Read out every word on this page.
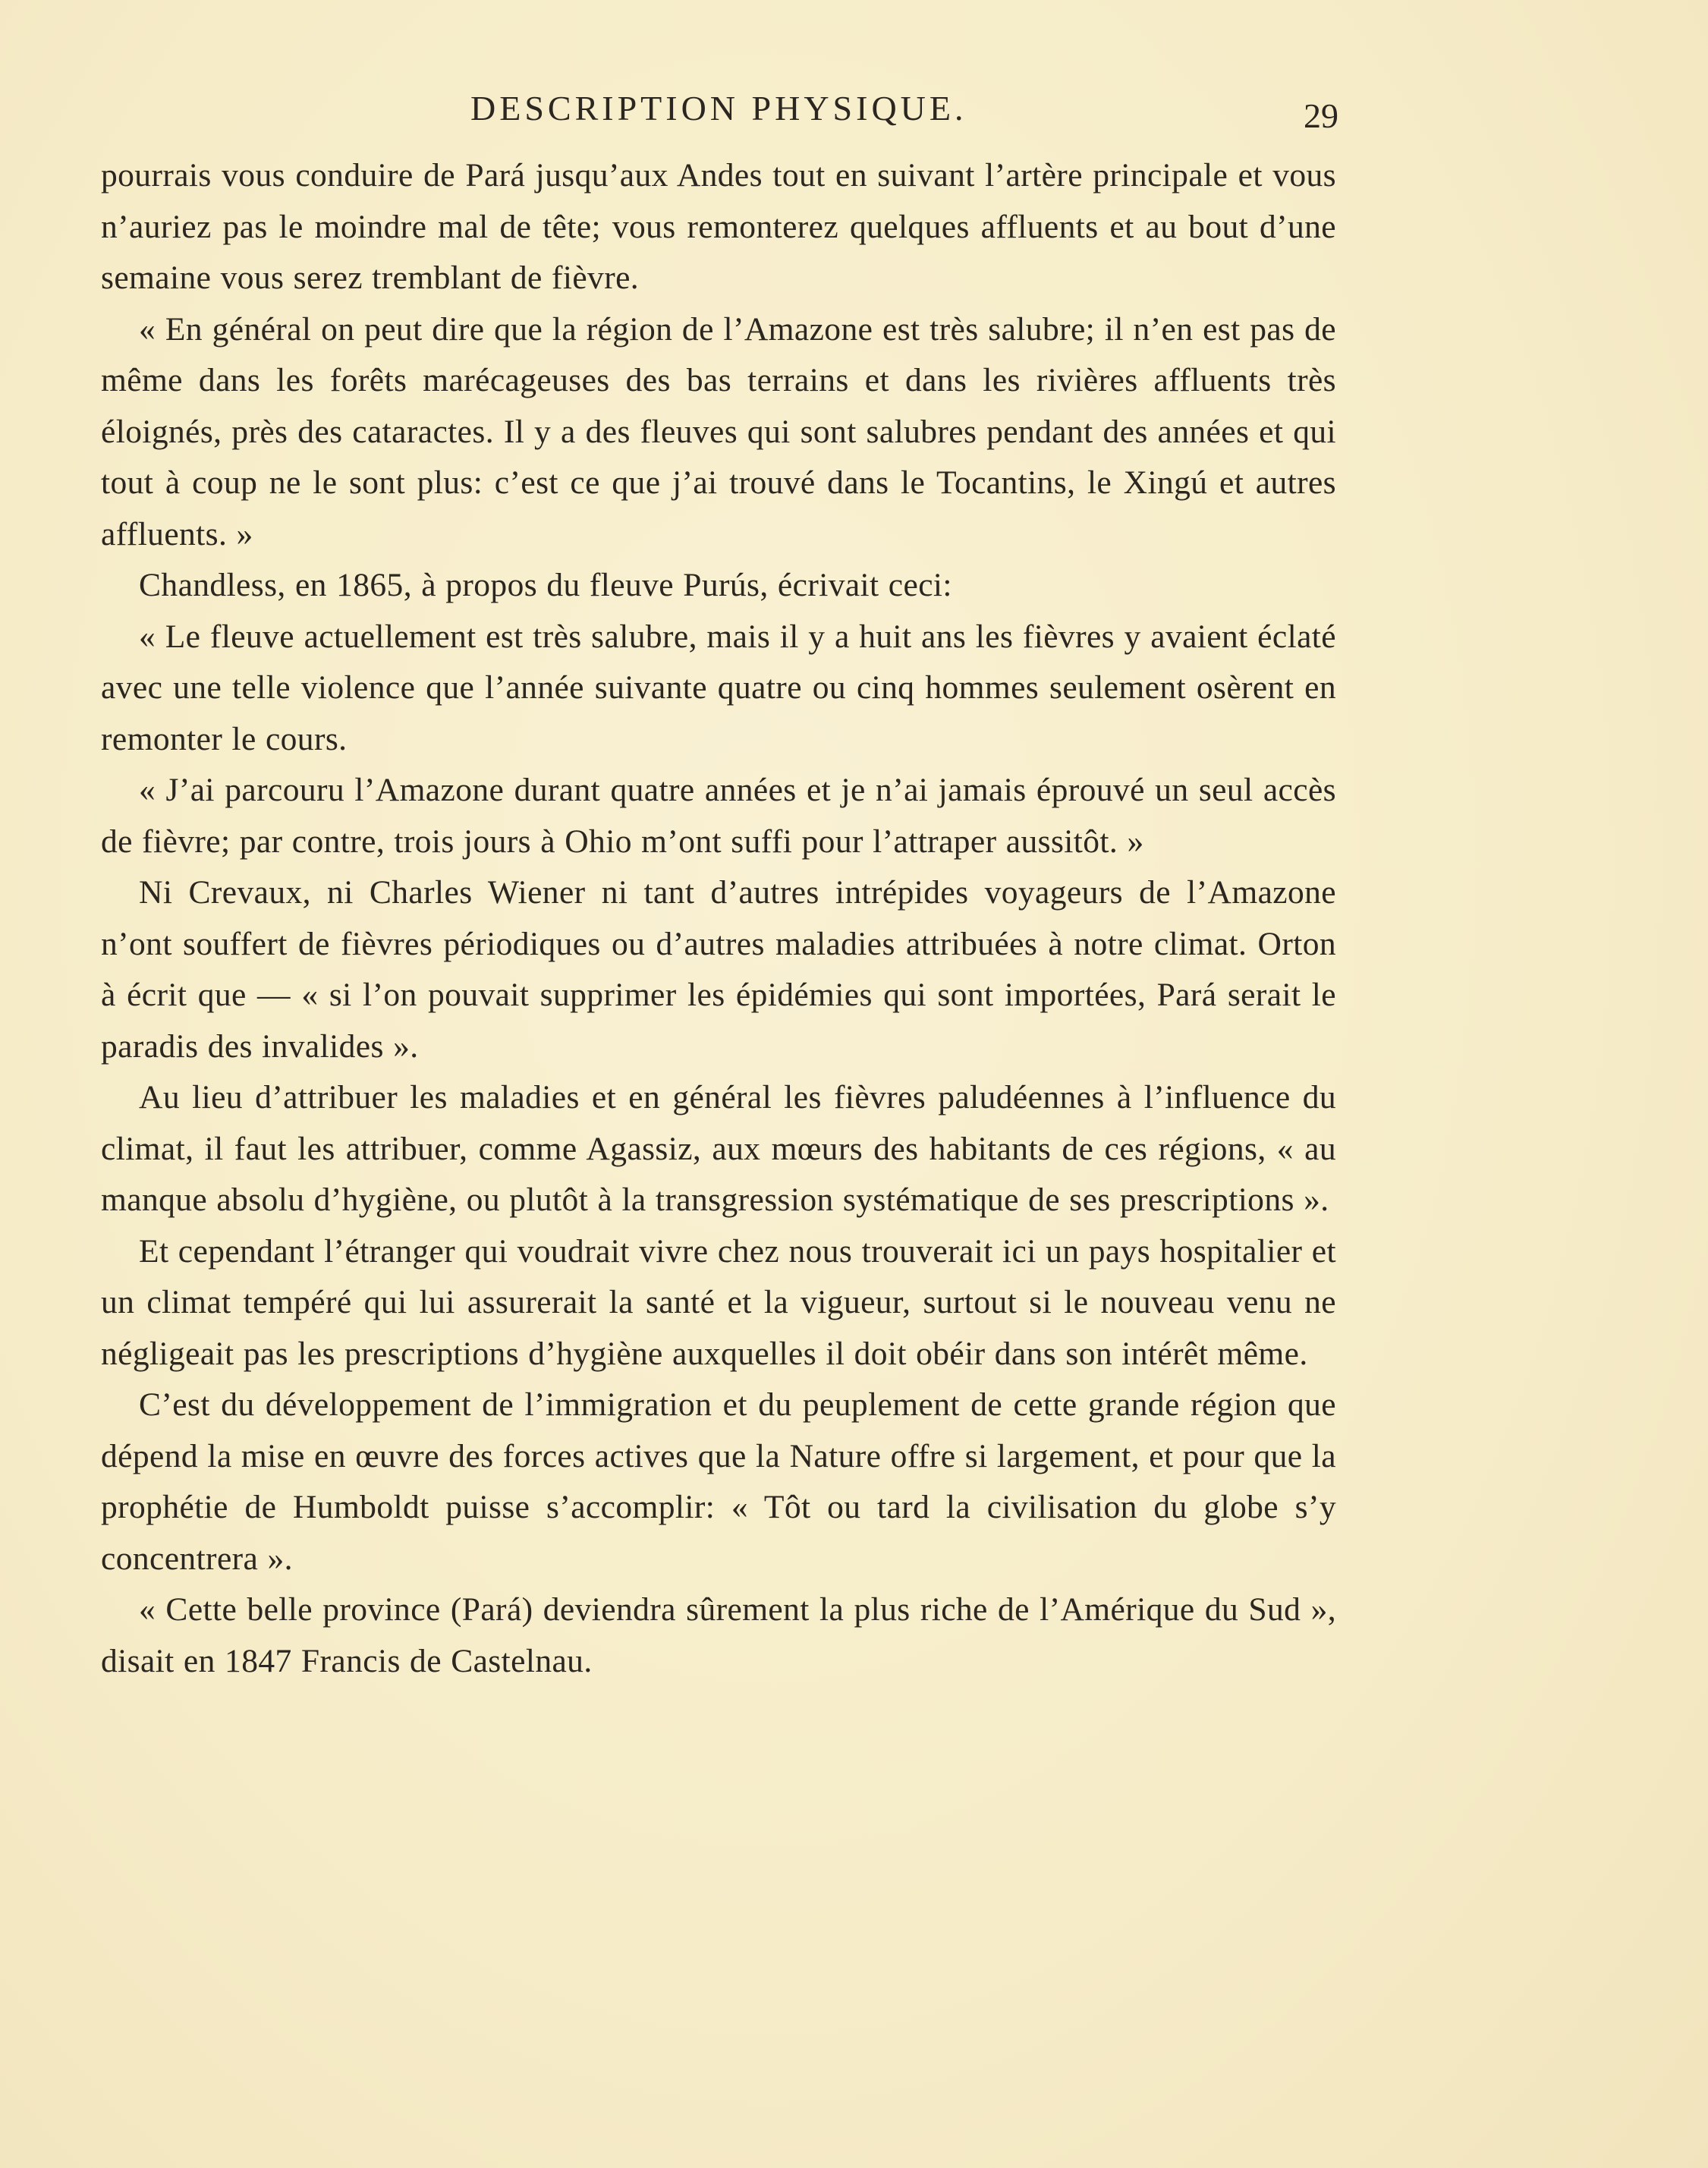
DESCRIPTION PHYSIQUE.	29

pourrais vous conduire de Pará jusqu’aux Andes tout en suivant l’artère principale et vous n’auriez pas le moindre mal de tête; vous remonterez quelques affluents et au bout d’une semaine vous serez tremblant de fièvre.

« En général on peut dire que la région de l’Amazone est très salubre; il n’en est pas de même dans les forêts marécageuses des bas terrains et dans les rivières affluents très éloignés, près des cataractes. Il y a des fleuves qui sont salubres pendant des années et qui tout à coup ne le sont plus: c’est ce que j’ai trouvé dans le Tocantins, le Xingú et autres affluents. »

Chandless, en 1865, à propos du fleuve Purús, écrivait ceci:

« Le fleuve actuellement est très salubre, mais il y a huit ans les fièvres y avaient éclaté avec une telle violence que l’année suivante quatre ou cinq hommes seulement osèrent en remonter le cours.

« J’ai parcouru l’Amazone durant quatre années et je n’ai jamais éprouvé un seul accès de fièvre; par contre, trois jours à Ohio m’ont suffi pour l’attraper aussitôt. »

Ni Crevaux, ni Charles Wiener ni tant d’autres intrépides voyageurs de l’Amazone n’ont souffert de fièvres périodiques ou d’autres maladies attribuées à notre climat. Orton à écrit que — « si l’on pouvait supprimer les épidémies qui sont importées, Pará serait le paradis des invalides ».

Au lieu d’attribuer les maladies et en général les fièvres paludéennes à l’influence du climat, il faut les attribuer, comme Agassiz, aux mœurs des habitants de ces régions, « au manque absolu d’hygiène, ou plutôt à la transgression systématique de ses prescriptions ».

Et cependant l’étranger qui voudrait vivre chez nous trouverait ici un pays hospitalier et un climat tempéré qui lui assurerait la santé et la vigueur, surtout si le nouveau venu ne négligeait pas les prescriptions d’hygiène auxquelles il doit obéir dans son intérêt même.

C’est du développement de l’immigration et du peuplement de cette grande région que dépend la mise en œuvre des forces actives que la Nature offre si largement, et pour que la prophétie de Humboldt puisse s’accomplir: « Tôt ou tard la civilisation du globe s’y concentrera ».

« Cette belle province (Pará) deviendra sûrement la plus riche de l’Amérique du Sud », disait en 1847 Francis de Castelnau.
